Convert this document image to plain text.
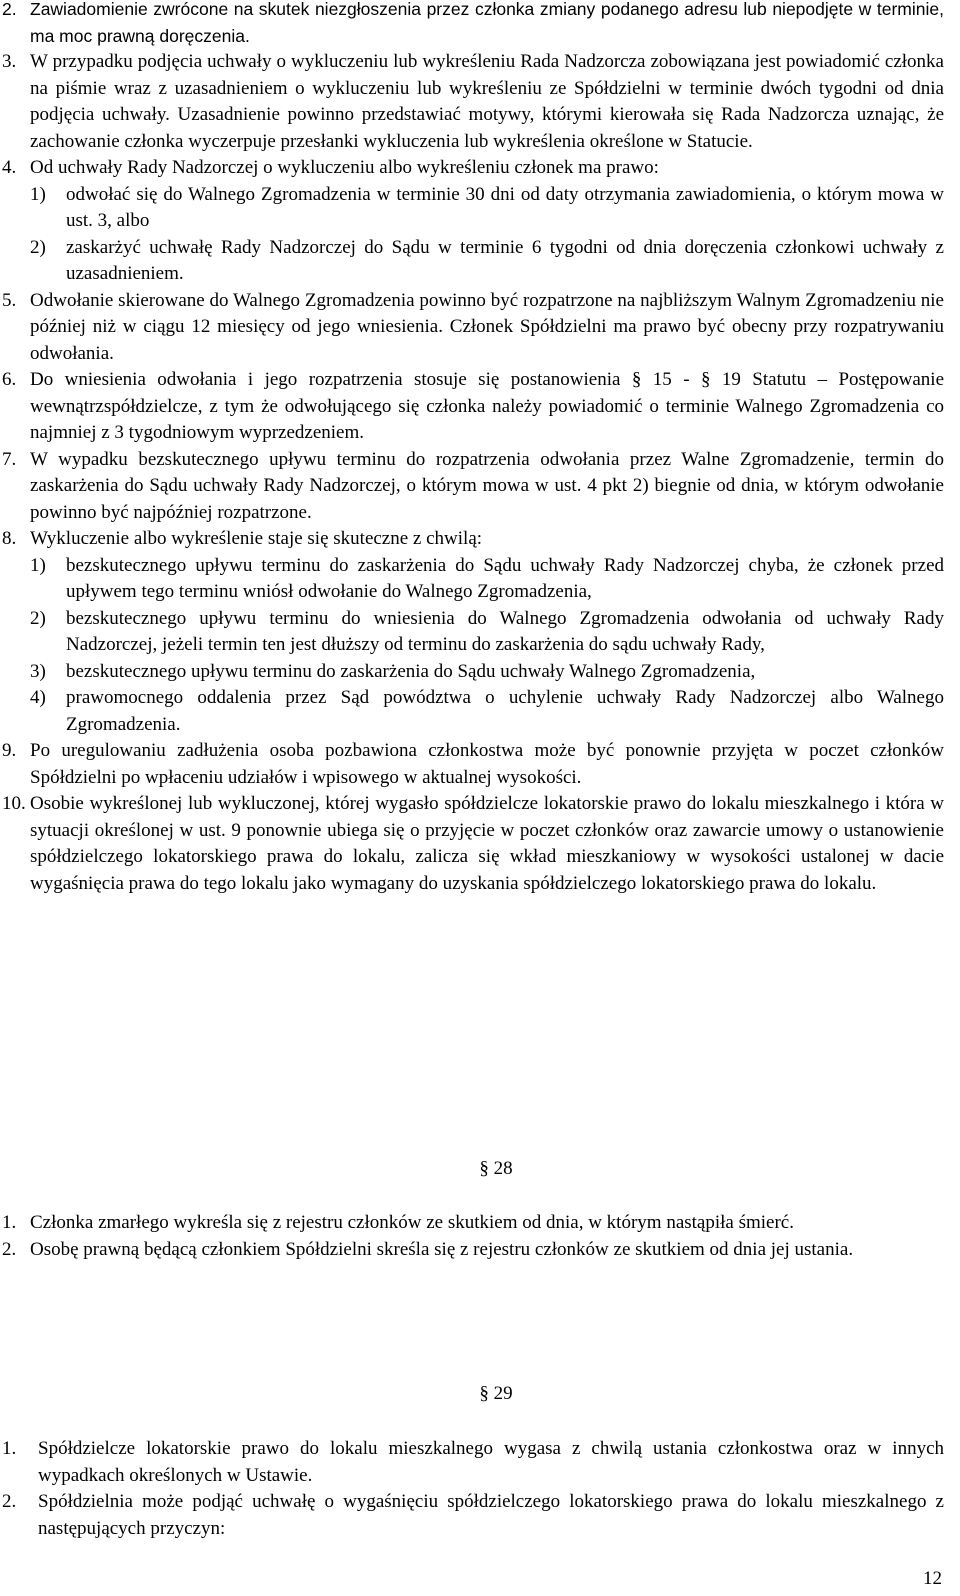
2. Zawiadomienie zwrócone na skutek niezgłoszenia przez członka zmiany podanego adresu lub niepodjęte w terminie, ma moc prawną doręczenia.
3. W przypadku podjęcia uchwały o wykluczeniu lub wykreśleniu Rada Nadzorcza zobowiązana jest powiadomić członka na piśmie wraz z uzasadnieniem o wykluczeniu lub wykreśleniu ze Spółdzielni w terminie dwóch tygodni od dnia podjęcia uchwały. Uzasadnienie powinno przedstawiać motywy, którymi kierowała się Rada Nadzorcza uznając, że zachowanie członka wyczerpuje przesłanki wykluczenia lub wykreślenia określone w Statucie.
4. Od uchwały Rady Nadzorczej o wykluczeniu albo wykreśleniu członek ma prawo:
1)	odwołać się do Walnego Zgromadzenia w terminie 30 dni od daty otrzymania zawiadomienia, o którym mowa w ust. 3, albo
2)	zaskarżyć uchwałę Rady Nadzorczej do Sądu w terminie 6 tygodni od dnia doręczenia członkowi uchwały z uzasadnieniem.
5. Odwołanie skierowane do Walnego Zgromadzenia powinno być rozpatrzone na najbliższym Walnym Zgromadzeniu nie później niż w ciągu 12 miesięcy od jego wniesienia. Członek Spółdzielni ma prawo być obecny przy rozpatrywaniu odwołania.
6. Do wniesienia odwołania i jego rozpatrzenia stosuje się postanowienia § 15 - § 19 Statutu – Postępowanie wewnątrzspółdzielcze, z tym że odwołującego się członka należy powiadomić o terminie Walnego Zgromadzenia co najmniej z 3 tygodniowym wyprzedzeniem.
7. W wypadku bezskutecznego upływu terminu do rozpatrzenia odwołania przez Walne Zgromadzenie, termin do zaskarżenia do Sądu uchwały Rady Nadzorczej, o którym mowa w ust. 4 pkt 2) biegnie od dnia, w którym odwołanie powinno być najpóźniej rozpatrzone.
8. Wykluczenie albo wykreślenie staje się skuteczne z chwilą:
1)	bezskutecznego upływu terminu do zaskarżenia do Sądu uchwały Rady Nadzorczej chyba, że członek przed upływem tego terminu wniósł odwołanie do Walnego Zgromadzenia,
2)	bezskutecznego upływu terminu do wniesienia do Walnego Zgromadzenia odwołania od uchwały Rady Nadzorczej, jeżeli termin ten jest dłuższy od terminu do zaskarżenia do sądu uchwały Rady,
3)	bezskutecznego upływu terminu do zaskarżenia do Sądu uchwały Walnego Zgromadzenia,
4)	prawomocnego oddalenia przez Sąd powództwa o uchylenie uchwały Rady Nadzorczej albo Walnego Zgromadzenia.
9. Po uregulowaniu zadłużenia osoba pozbawiona członkostwa może być ponownie przyjęta w poczet członków Spółdzielni po wpłaceniu udziałów i wpisowego w aktualnej wysokości.
10. Osobie wykreślonej lub wykluczonej, której wygasło spółdzielcze lokatorskie prawo do lokalu mieszkalnego i która w sytuacji określonej w ust. 9 ponownie ubiega się o przyjęcie w poczet członków oraz zawarcie umowy o ustanowienie spółdzielczego lokatorskiego prawa do lokalu, zalicza się wkład mieszkaniowy w wysokości ustalonej w dacie wygaśnięcia prawa do tego lokalu jako wymagany do uzyskania spółdzielczego lokatorskiego prawa do lokalu.
§ 28
1. Członka zmarłego wykreśla się z rejestru członków ze skutkiem od dnia, w którym nastąpiła śmierć.
2. Osobę prawną będącą członkiem Spółdzielni skreśla się z rejestru członków ze skutkiem od dnia jej ustania.
§ 29
1.	Spółdzielcze lokatorskie prawo do lokalu mieszkalnego wygasa z chwilą ustania członkostwa oraz w innych wypadkach określonych w Ustawie.
2.	Spółdzielnia może podjąć uchwałę o wygaśnięciu spółdzielczego lokatorskiego prawa do lokalu mieszkalnego z następujących przyczyn:
12
